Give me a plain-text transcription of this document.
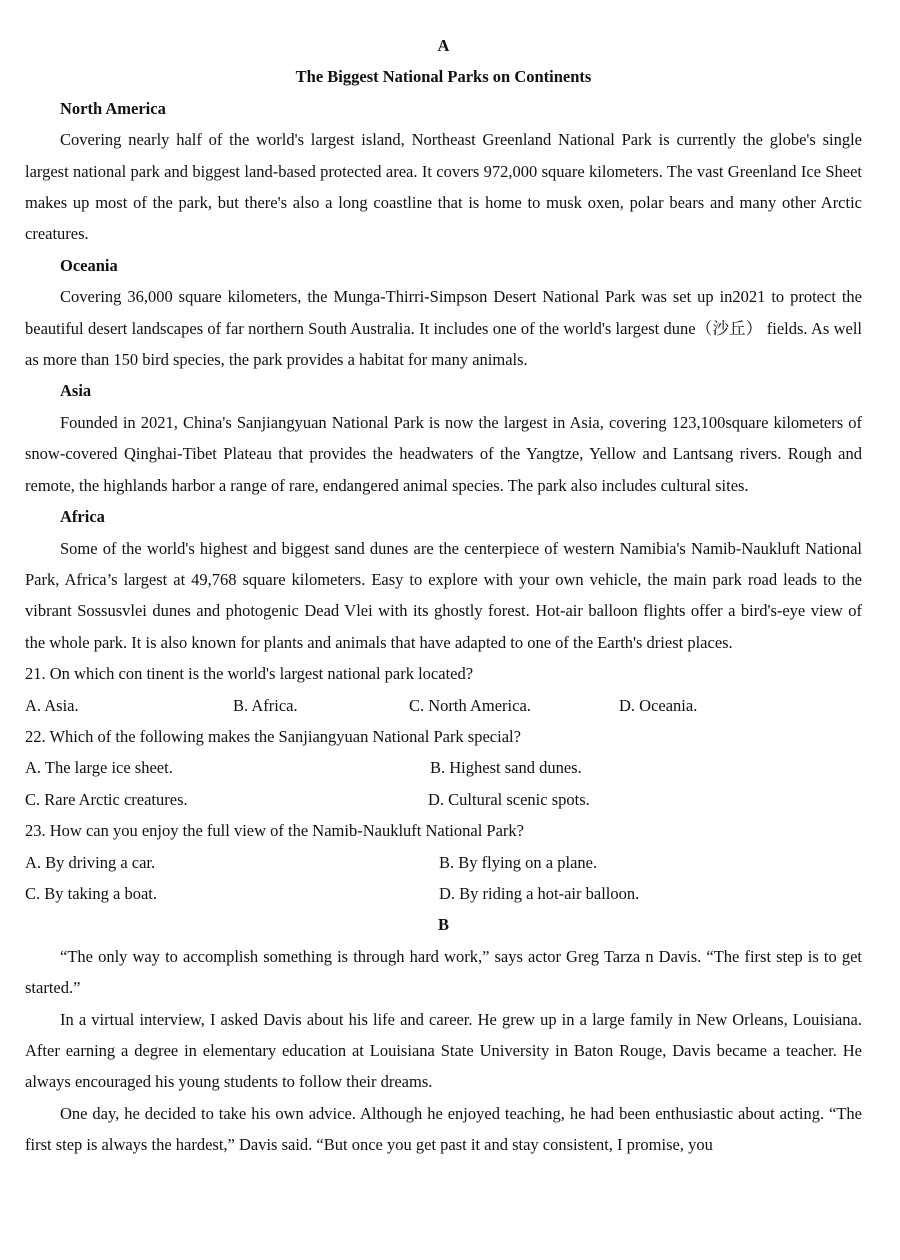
A
The Biggest National Parks on Continents
North America

Covering nearly half of the world's largest island, Northeast Greenland National Park is currently the globe's single largest national park and biggest land-based protected area. It covers 972,000 square kilometers. The vast Greenland Ice Sheet makes up most of the park, but there's also a long coastline that is home to musk oxen, polar bears and many other Arctic creatures.

Oceania

Covering 36,000 square kilometers, the Munga-Thirri-Simpson Desert National Park was set up in2021 to protect the beautiful desert landscapes of far northern South Australia. It includes one of the world's largest dune（沙丘） fields. As well as more than 150 bird species, the park provides a habitat for many animals.

Asia

Founded in 2021, China's Sanjiangyuan National Park is now the largest in Asia, covering 123,100square kilometers of snow-covered Qinghai-Tibet Plateau that provides the headwaters of the Yangtze, Yellow and Lantsang rivers. Rough and remote, the highlands harbor a range of rare, endangered animal species. The park also includes cultural sites.

Africa

Some of the world's highest and biggest sand dunes are the centerpiece of western Namibia's Namib-Naukluft National Park, Africa’s largest at 49,768 square kilometers. Easy to explore with your own vehicle, the main park road leads to the vibrant Sossusvlei dunes and photogenic Dead Vlei with its ghostly forest. Hot-air balloon flights offer a bird's-eye view of the whole park. It is also known for plants and animals that have adapted to one of the Earth's driest places.

21. On which con tinent is the world's largest national park located?
A. Asia.	B. Africa.	C. North America.	D. Oceania.
22. Which of the following makes the Sanjiangyuan National Park special?
A. The large ice sheet.	B. Highest sand dunes.
C. Rare Arctic creatures.	D. Cultural scenic spots.
23. How can you enjoy the full view of the Namib-Naukluft National Park?
A. By driving a car.	B. By flying on a plane.
C. By taking a boat.	D. By riding a hot-air balloon.
B

“The only way to accomplish something is through hard work,” says actor Greg Tarza n Davis. “The first step is to get started.”

In a virtual interview, I asked Davis about his life and career. He grew up in a large family in New Orleans, Louisiana. After earning a degree in elementary education at Louisiana State University in Baton Rouge, Davis became a teacher. He always encouraged his young students to follow their dreams.

One day, he decided to take his own advice. Although he enjoyed teaching, he had been enthusiastic about acting. “The first step is always the hardest,” Davis said. “But once you get past it and stay consistent, I promise, you
